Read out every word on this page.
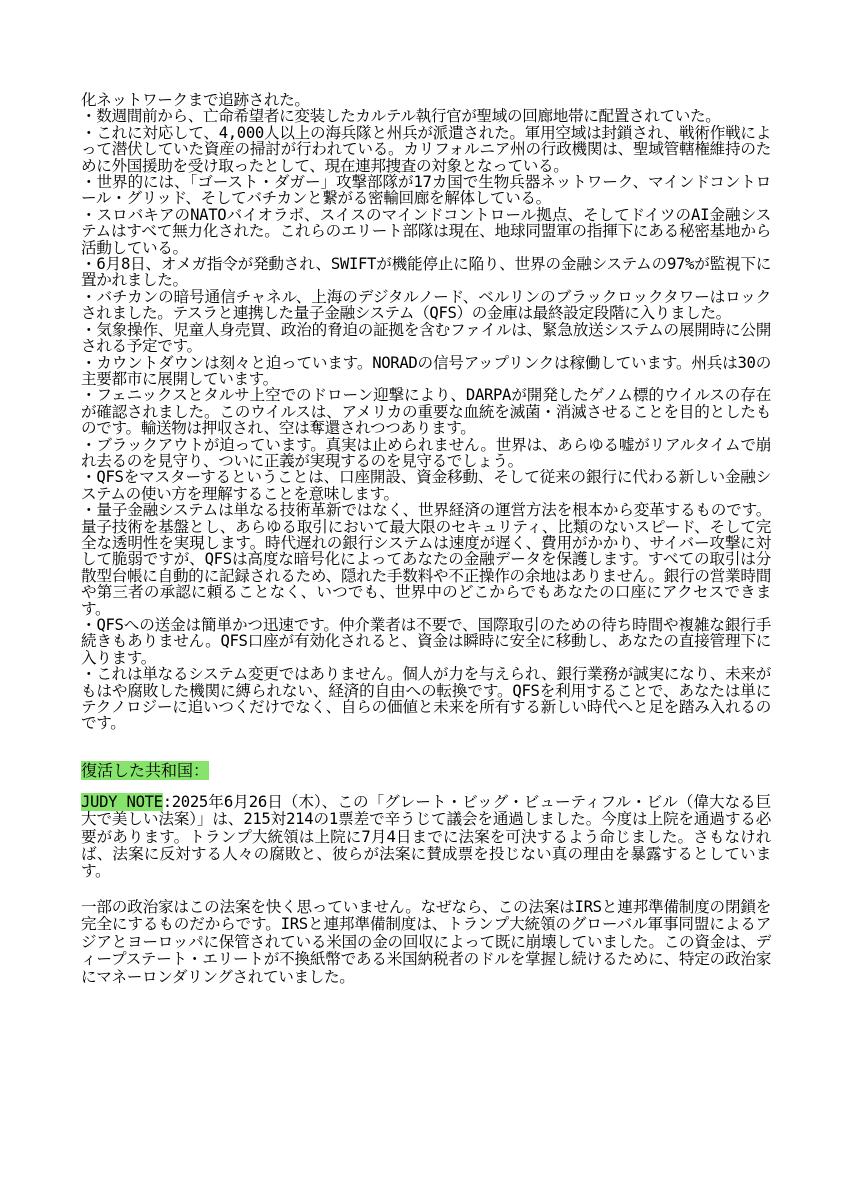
化ネットワークまで追跡された。

・数週間前から、亡命希望者に変装したカルテル執行官が聖域の回廊地帯に配置されていた。

・これに対応して、4,000人以上の海兵隊と州兵が派遣された。軍用空域は封鎖され、戦術作戦によって潜伏していた資産の掃討が行われている。カリフォルニア州の行政機関は、聖域管轄権維持のために外国援助を受け取ったとして、現在連邦捜査の対象となっている。

・世界的には、「ゴースト・ダガー」攻撃部隊が17カ国で生物兵器ネットワーク、マインドコントロール・グリッド、そしてバチカンと繋がる密輸回廊を解体している。

・スロバキアのNATOバイオラボ、スイスのマインドコントロール拠点、そしてドイツのAI金融システムはすべて無力化された。これらのエリート部隊は現在、地球同盟軍の指揮下にある秘密基地から活動している。

・6月8日、オメガ指令が発動され、SWIFTが機能停止に陥り、世界の金融システムの97%が監視下に置かれました。

・バチカンの暗号通信チャネル、上海のデジタルノード、ベルリンのブラックロックタワーはロックされました。テスラと連携した量子金融システム（QFS）の金庫は最終設定段階に入りました。

・気象操作、児童人身売買、政治的脅迫の証拠を含むファイルは、緊急放送システムの展開時に公開される予定です。

・カウントダウンは刻々と迫っています。NORADの信号アップリンクは稼働しています。州兵は30の主要都市に展開しています。

・フェニックスとタルサ上空でのドローン迎撃により、DARPAが開発したゲノム標的ウイルスの存在が確認されました。このウイルスは、アメリカの重要な血統を滅菌・消滅させることを目的としたものです。輸送物は押収され、空は奪還されつつあります。

・ブラックアウトが迫っています。真実は止められません。世界は、あらゆる嘘がリアルタイムで崩れ去るのを見守り、ついに正義が実現するのを見守るでしょう。

・QFSをマスターするということは、口座開設、資金移動、そして従来の銀行に代わる新しい金融システムの使い方を理解することを意味します。

・量子金融システムは単なる技術革新ではなく、世界経済の運営方法を根本から変革するものです。量子技術を基盤とし、あらゆる取引において最大限のセキュリティ、比類のないスピード、そして完全な透明性を実現します。時代遅れの銀行システムは速度が遅く、費用がかかり、サイバー攻撃に対して脆弱ですが、QFSは高度な暗号化によってあなたの金融データを保護します。すべての取引は分散型台帳に自動的に記録されるため、隠れた手数料や不正操作の余地はありません。銀行の営業時間や第三者の承認に頼ることなく、いつでも、世界中のどこからでもあなたの口座にアクセスできます。

・QFSへの送金は簡単かつ迅速です。仲介業者は不要で、国際取引のための待ち時間や複雑な銀行手続きもありません。QFS口座が有効化されると、資金は瞬時に安全に移動し、あなたの直接管理下に入ります。

・これは単なるシステム変更ではありません。個人が力を与えられ、銀行業務が誠実になり、未来がもはや腐敗した機関に縛られない、経済的自由への転換です。QFSを利用することで、あなたは単にテクノロジーに追いつくだけでなく、自らの価値と未来を所有する新しい時代へと足を踏み入れるのです。

復活した共和国：

JUDY NOTE:2025年6月26日（木）、この「グレート・ビッグ・ビューティフル・ビル（偉大なる巨大で美しい法案）」は、215対214の1票差で辛うじて議会を通過しました。今度は上院を通過する必要があります。トランプ大統領は上院に7月4日までに法案を可決するよう命じました。さもなければ、法案に反対する人々の腐敗と、彼らが法案に賛成票を投じない真の理由を暴露するとしています。

一部の政治家はこの法案を快く思っていません。なぜなら、この法案はIRSと連邦準備制度の閉鎖を完全にするものだからです。IRSと連邦準備制度は、トランプ大統領のグローバル軍事同盟によるアジアとヨーロッパに保管されている米国の金の回収によって既に崩壊していました。この資金は、ディープステート・エリートが不換紙幣である米国納税者のドルを掌握し続けるために、特定の政治家にマネーロンダリングされていました。
